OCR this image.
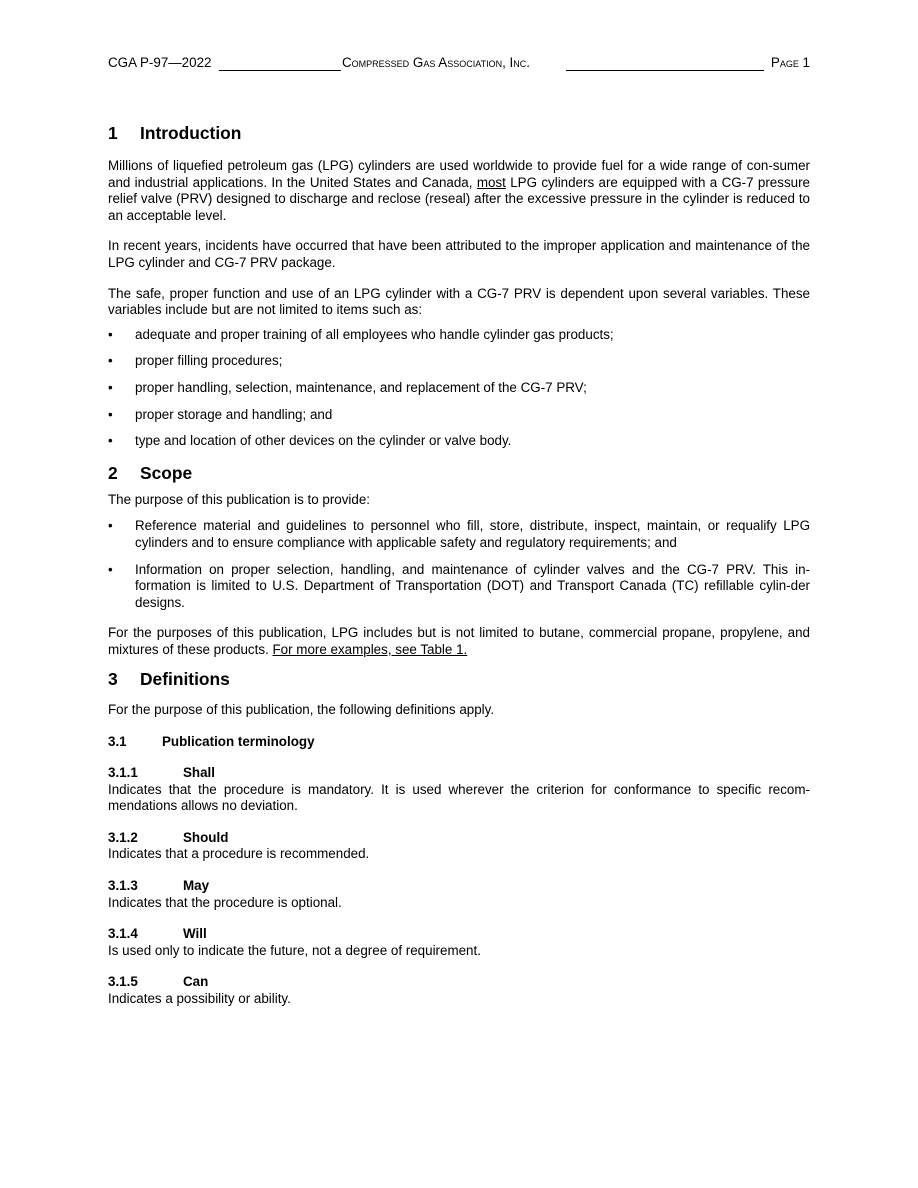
CGA P-97—2022	Compressed Gas Association, Inc.	Page 1
1 Introduction

Millions of liquefied petroleum gas (LPG) cylinders are used worldwide to provide fuel for a wide range of con-sumer and industrial applications. In the United States and Canada, most LPG cylinders are equipped with a CG-7 pressure relief valve (PRV) designed to discharge and reclose (reseal) after the excessive pressure in the cylinder is reduced to an acceptable level.

In recent years, incidents have occurred that have been attributed to the improper application and maintenance of the LPG cylinder and CG-7 PRV package.

The safe, proper function and use of an LPG cylinder with a CG-7 PRV is dependent upon several variables. These variables include but are not limited to items such as:

• adequate and proper training of all employees who handle cylinder gas products;
• proper filling procedures;
• proper handling, selection, maintenance, and replacement of the CG-7 PRV;
• proper storage and handling; and
• type and location of other devices on the cylinder or valve body.
2 Scope

The purpose of this publication is to provide:

• Reference material and guidelines to personnel who fill, store, distribute, inspect, maintain, or requalify LPG cylinders and to ensure compliance with applicable safety and regulatory requirements; and
• Information on proper selection, handling, and maintenance of cylinder valves and the CG-7 PRV. This in-formation is limited to U.S. Department of Transportation (DOT) and Transport Canada (TC) refillable cylin-der designs.

For the purposes of this publication, LPG includes but is not limited to butane, commercial propane, propylene, and mixtures of these products. For more examples, see Table 1.

3 Definitions

For the purpose of this publication, the following definitions apply.

3.1	Publication terminology
3.1.1	Shall

Indicates that the procedure is mandatory. It is used wherever the criterion for conformance to specific recom-mendations allows no deviation.

3.1.2	Should

Indicates that a procedure is recommended.

3.1.3	May

Indicates that the procedure is optional.

3.1.4	Will

Is used only to indicate the future, not a degree of requirement.

3.1.5	Can

Indicates a possibility or ability.
